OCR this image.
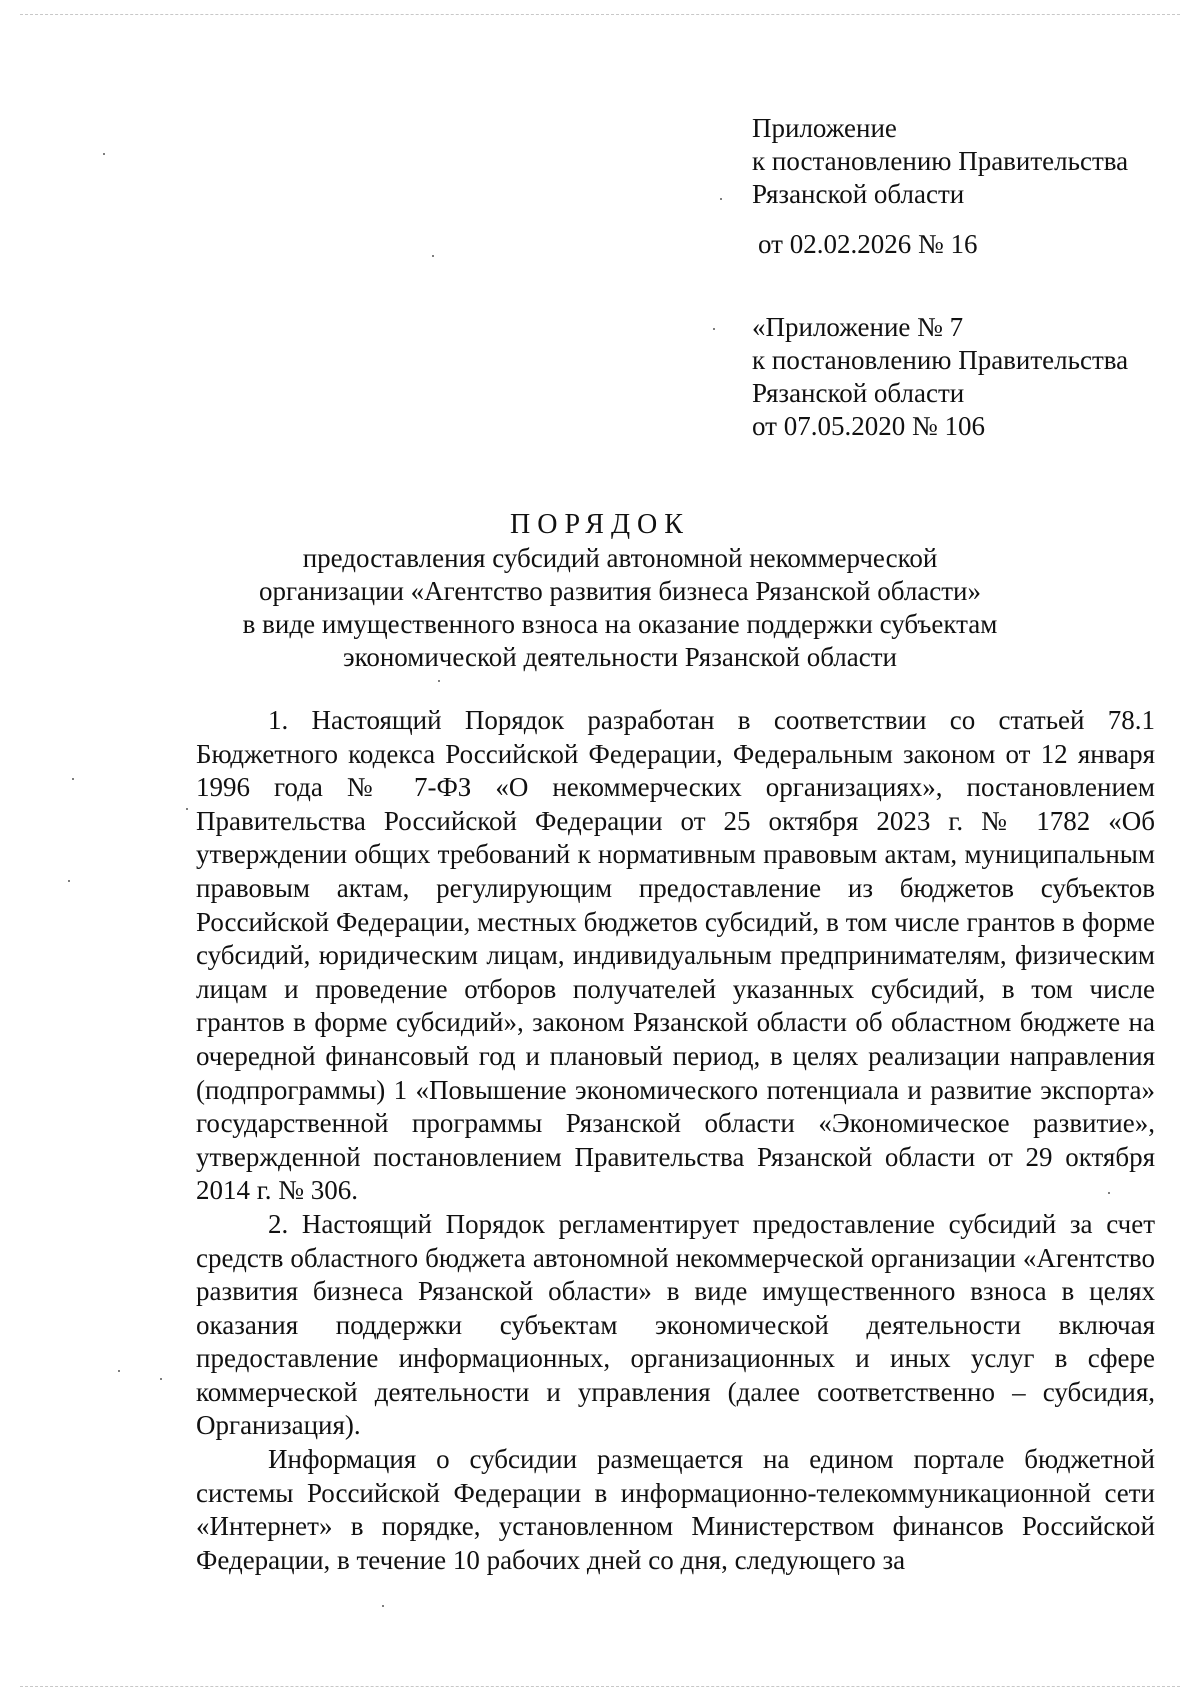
Приложение
к постановлению Правительства
Рязанской области
от 02.02.2026 № 16
«Приложение № 7
к постановлению Правительства
Рязанской области
от 07.05.2020 № 106
ПОРЯДОК
предоставления субсидий автономной некоммерческой
организации «Агентство развития бизнеса Рязанской области»
в виде имущественного взноса на оказание поддержки субъектам
экономической деятельности Рязанской области

1. Настоящий Порядок разработан в соответствии со статьей 78.1 Бюджетного кодекса Российской Федерации, Федеральным законом от 12 января 1996 года № 7-ФЗ «О некоммерческих организациях», постановлением Правительства Российской Федерации от 25 октября 2023 г. № 1782 «Об утверждении общих требований к нормативным правовым актам, муниципальным правовым актам, регулирующим предоставление из бюджетов субъектов Российской Федерации, местных бюджетов субсидий, в том числе грантов в форме субсидий, юридическим лицам, индивидуальным предпринимателям, физическим лицам и проведение отборов получателей указанных субсидий, в том числе грантов в форме субсидий», законом Рязанской области об областном бюджете на очередной финансовый год и плановый период, в целях реализации направления (подпрограммы) 1 «Повышение экономического потенциала и развитие экспорта» государственной программы Рязанской области «Экономическое развитие», утвержденной постановлением Правительства Рязанской области от 29 октября 2014 г. № 306.

2. Настоящий Порядок регламентирует предоставление субсидий за счет средств областного бюджета автономной некоммерческой организации «Агентство развития бизнеса Рязанской области» в виде имущественного взноса в целях оказания поддержки субъектам экономической деятельности включая предоставление информационных, организационных и иных услуг в сфере коммерческой деятельности и управления (далее соответственно – субсидия, Организация).

Информация о субсидии размещается на едином портале бюджетной системы Российской Федерации в информационно-телекоммуникационной сети «Интернет» в порядке, установленном Министерством финансов Российской Федерации, в течение 10 рабочих дней со дня, следующего за
